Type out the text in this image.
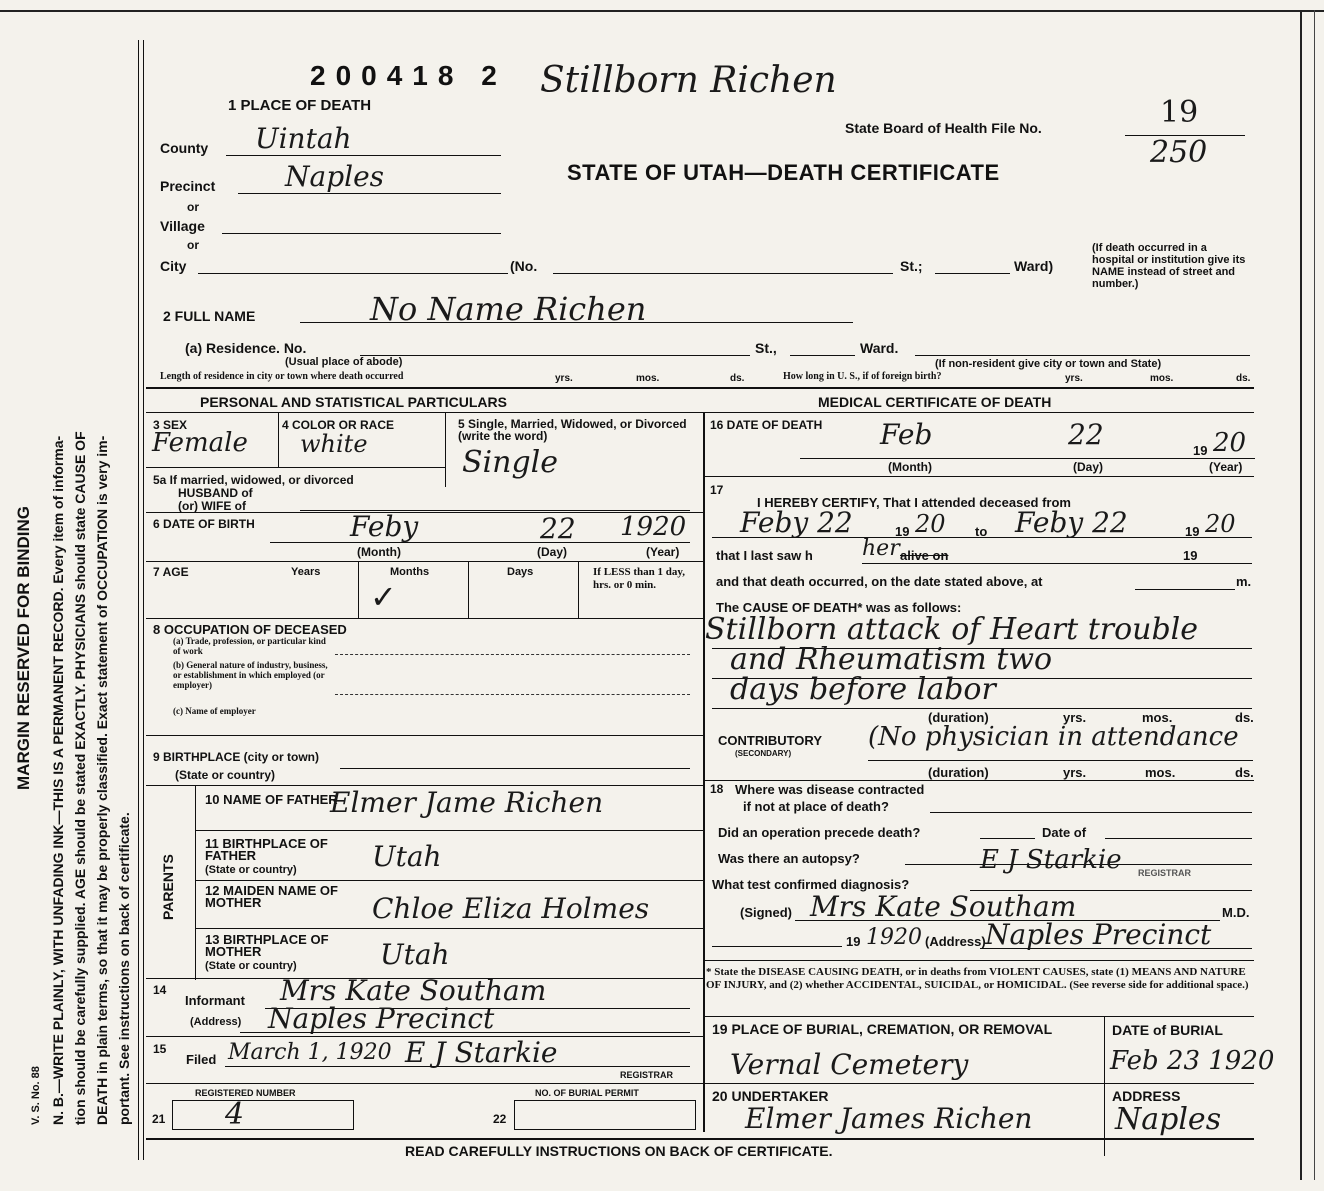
MARGIN RESERVED FOR BINDING N. B.—WRITE PLAINLY, WITH UNFADING INK—THIS IS A PERMANENT RECORD. Every item of informa- tion should be carefully supplied. AGE should be stated EXACTLY. PHYSICIANS should state CAUSE OF DEATH in plain terms, so that it may be properly classified. Exact statement of OCCUPATION is very im- portant. See instructions on back of certificate.
V. S. No. 88
200418 2 Stillborn Richen
1 PLACE OF DEATH
State Board of Health File No.	19
250
STATE OF UTAH—DEATH CERTIFICATE
County Uintah
Precinct Naples
or
Village
or
City	(No.	St.;	Ward)
(If death occurred in a hospital or institution give its NAME instead of street and number.)
2 FULL NAME	No Name Richen
(a) Residence. No.
(Usual place of abode)
St.,	Ward.
(If non-resident give city or town and State)
Length of residence in city or town where death occurred	yrs.	mos.	ds.	How long in U. S., if of foreign birth?	yrs.	mos.	ds.
PERSONAL AND STATISTICAL PARTICULARS	MEDICAL CERTIFICATE OF DEATH
3 SEX
Female
4 COLOR OR RACE
white
5 Single, Married, Widowed, or Divorced (write the word)
Single
5a If married, widowed, or divorced
HUSBAND of
(or) WIFE of
6 DATE OF BIRTH	Feby	22 1920
(Month)	(Day)	(Year)
7 AGE	Years	Months
✓
Days	If LESS than 1 day, hrs. or 0 min.
8 OCCUPATION OF DECEASED
(a) Trade, profession, or particular kind of work
(b) General nature of industry, business, or establishment in which employed (or employer)
(c) Name of employer
9 BIRTHPLACE (city or town)
(State or country)
PARENTS
10 NAME OF FATHER
Elmer Jame Richen
11 BIRTHPLACE OF FATHER
(State or country)	Utah
12 MAIDEN NAME OF MOTHER	Chloe Eliza Holmes
13 BIRTHPLACE OF MOTHER
(State or country)	Utah
14
Informant Mrs Kate Southam
(Address) Naples Precinct
15
Filed March 1, 1920 E J Starkie
REGISTRAR
REGISTERED NUMBER
21 4
NO. OF BURIAL PERMIT
22
16 DATE OF DEATH Feb	22	19 20
(Month)	(Day)	(Year)
17
I HEREBY CERTIFY, That I attended deceased from
Feby 22	19 20 to Feby 22	19 20
that I last saw h her alive on	19
and that death occurred, on the date stated above, at	m.
The CAUSE OF DEATH* was as follows:
Stillborn attack of Heart trouble
and Rheumatism two
days before labor
(duration)	yrs.	mos.	ds.
CONTRIBUTORY
(SECONDARY)
(No physician in attendance
(duration)	yrs.	mos.	ds.
18 Where was disease contracted
if not at place of death?
Did an operation precede death?	Date of
Was there an autopsy?	E J Starkie REGISTRAR
What test confirmed diagnosis?
(Signed) Mrs Kate Southam	M.D.
19 1920 (Address) Naples Precinct
* State the DISEASE CAUSING DEATH, or in deaths from VIOLENT CAUSES, state (1) MEANS AND NATURE OF INJURY, and (2) whether ACCIDENTAL, SUICIDAL, or HOMICIDAL. (See reverse side for additional space.)
19 PLACE OF BURIAL, CREMATION, OR REMOVAL
Vernal Cemetery
DATE of BURIAL
Feb 23 1920
20 UNDERTAKER
Elmer James Richen
ADDRESS
Naples
READ CAREFULLY INSTRUCTIONS ON BACK OF CERTIFICATE.
